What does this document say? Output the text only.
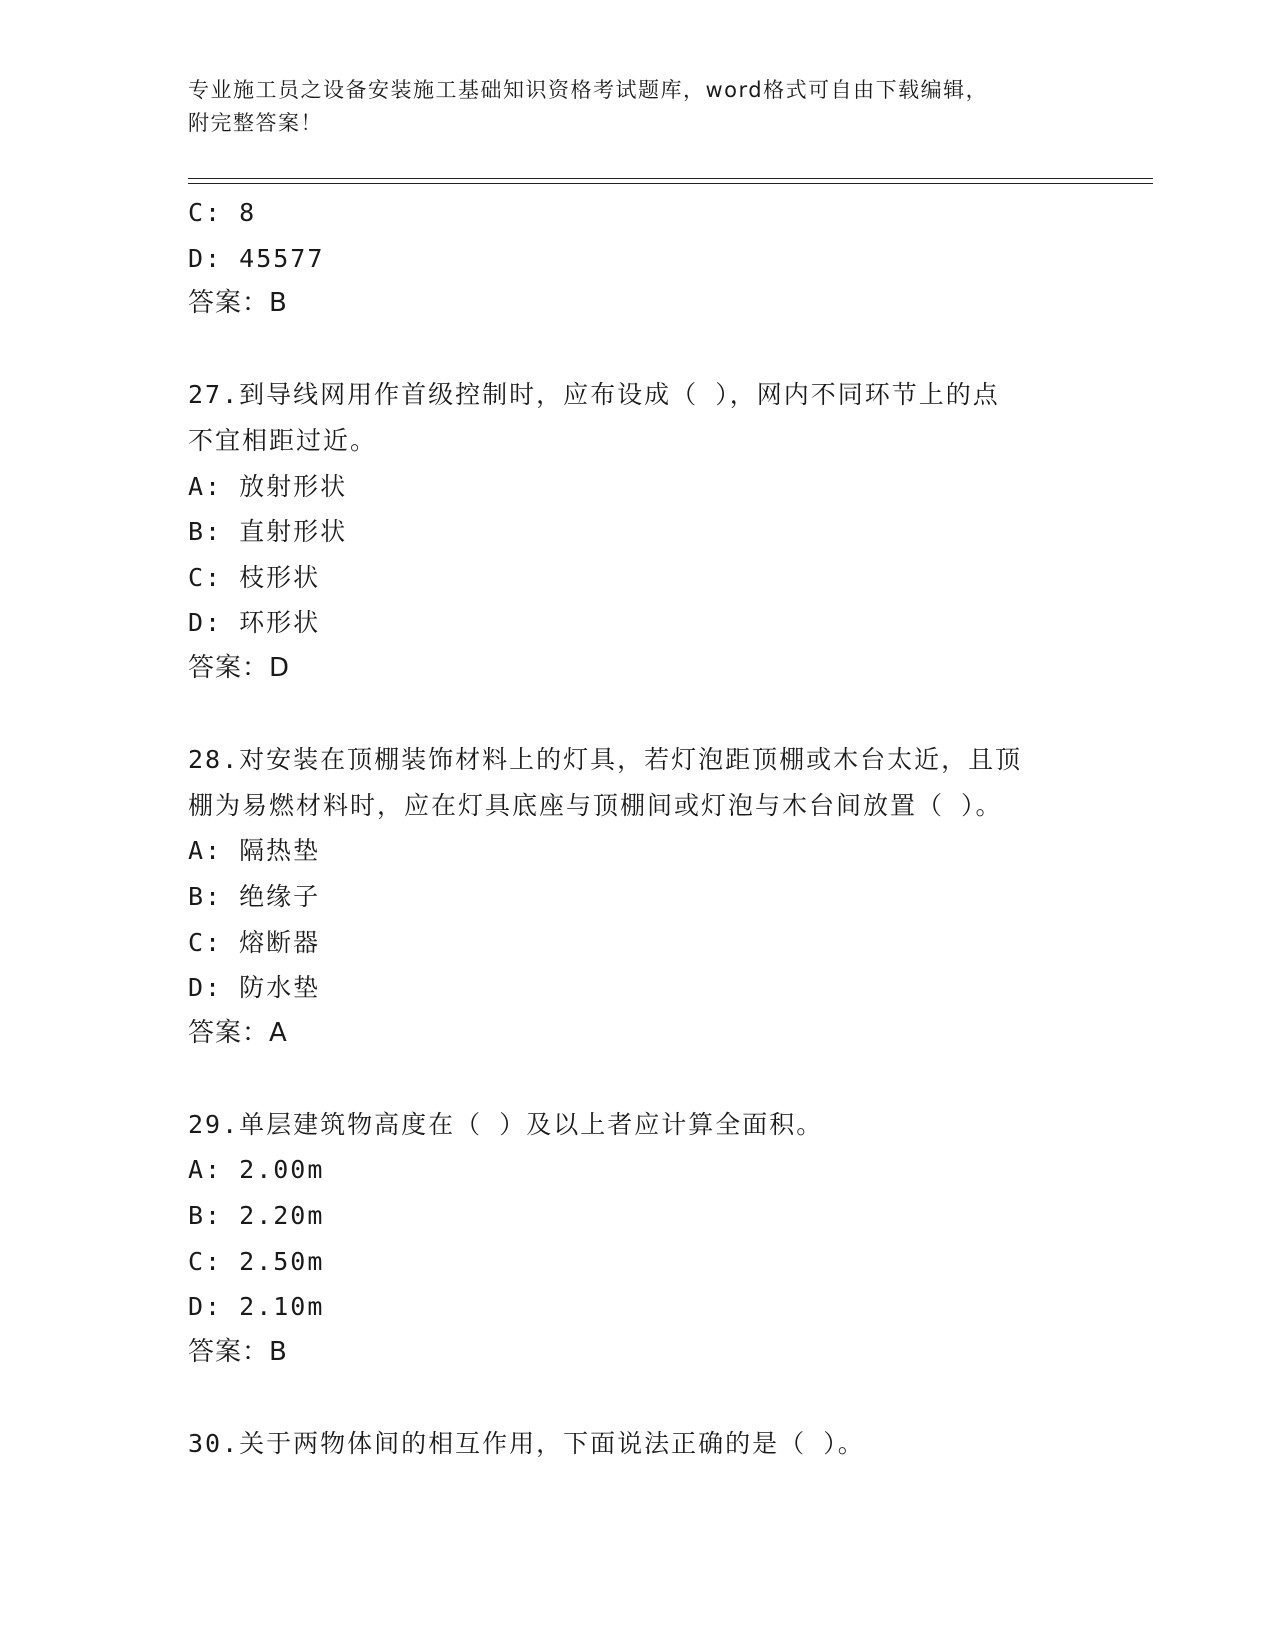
专业施工员之设备安装施工基础知识资格考试题库，word格式可自由下载编辑，
附完整答案！
C: 8
D: 45577
答案：B
27.到导线网用作首级控制时，应布设成（ ），网内不同环节上的点
不宜相距过近。
A: 放射形状
B: 直射形状
C: 枝形状
D: 环形状
答案：D
28.对安装在顶棚装饰材料上的灯具，若灯泡距顶棚或木台太近，且顶
棚为易燃材料时，应在灯具底座与顶棚间或灯泡与木台间放置（ ）。
A: 隔热垫
B: 绝缘子
C: 熔断器
D: 防水垫
答案：A
29.单层建筑物高度在（ ）及以上者应计算全面积。
A: 2.00m
B: 2.20m
C: 2.50m
D: 2.10m
答案：B
30.关于两物体间的相互作用，下面说法正确的是（ ）。
